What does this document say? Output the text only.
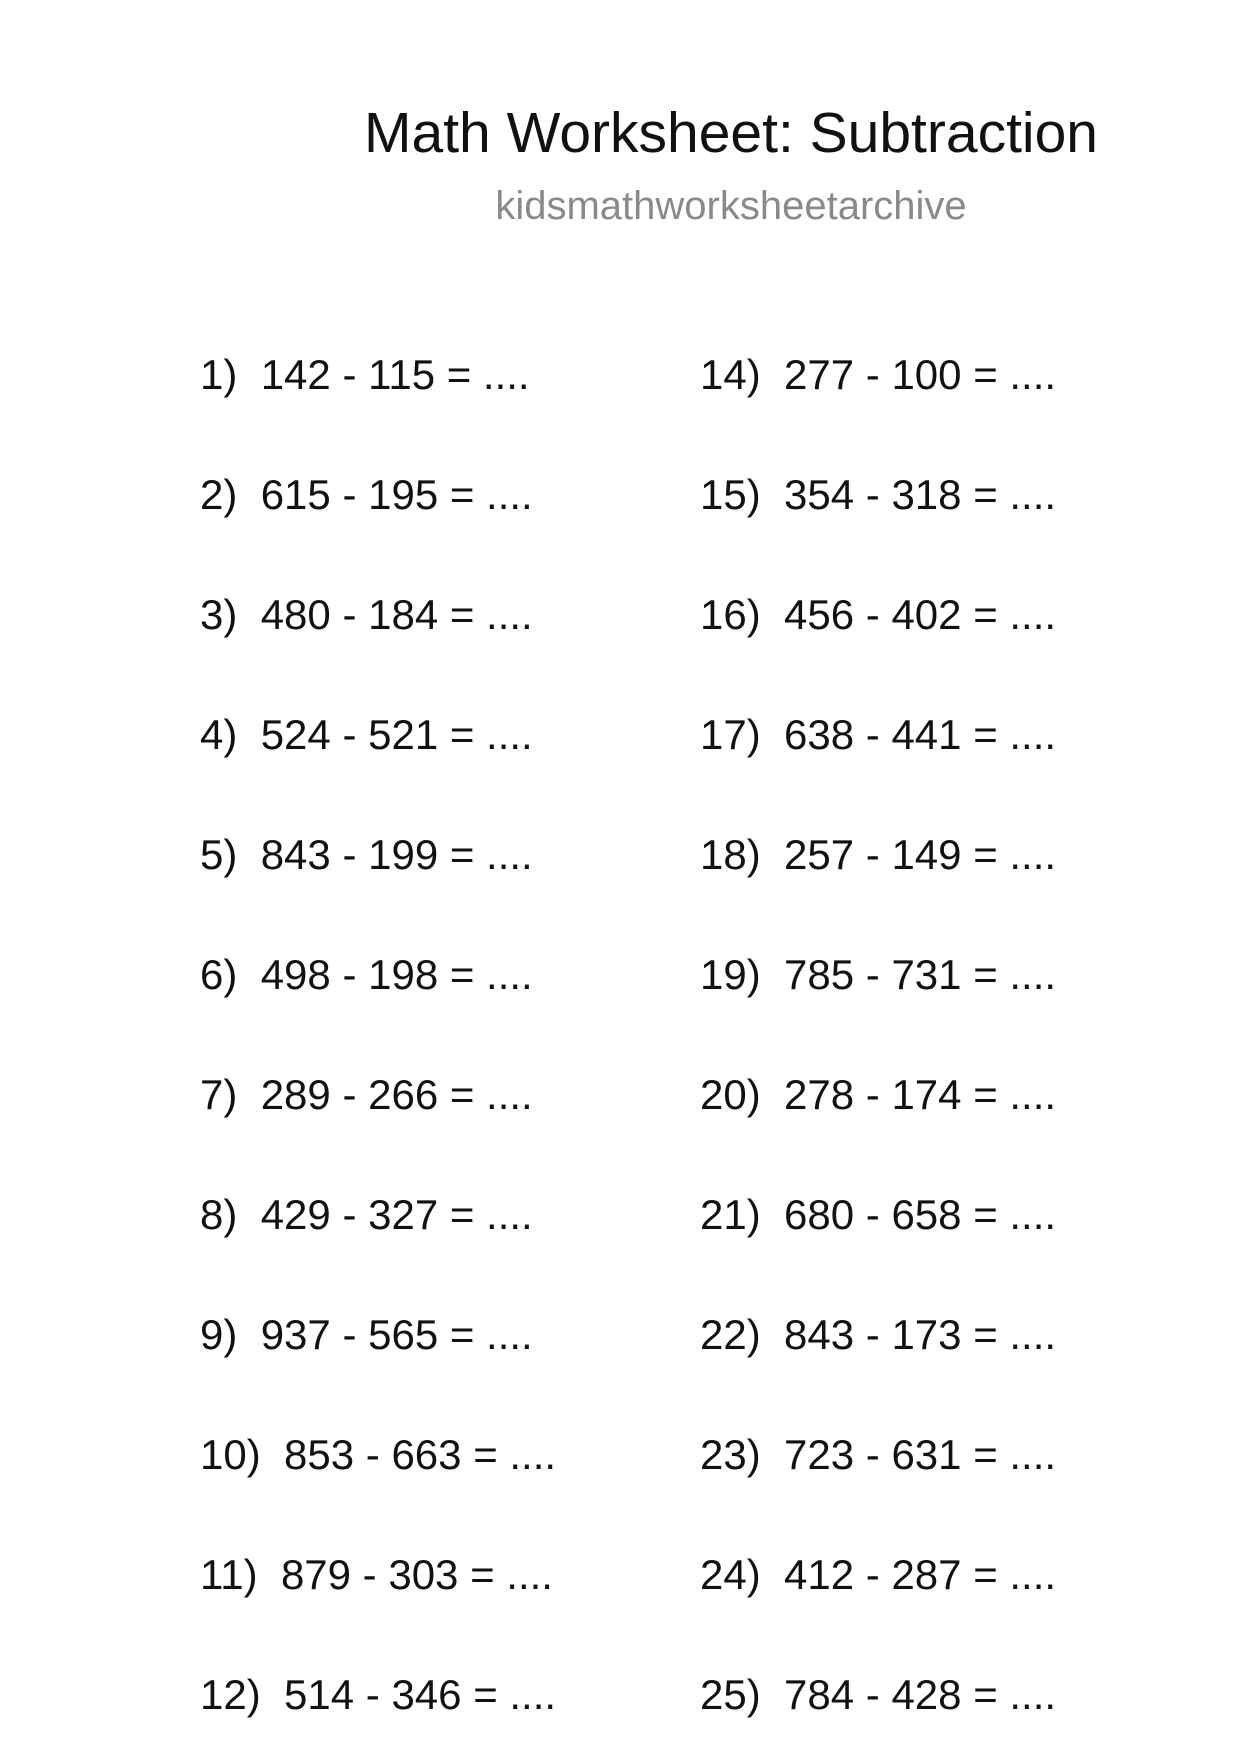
Math Worksheet: Subtraction
kidsmathworksheetarchive
1) 142 - 115 = ....
2) 615 - 195 = ....
3) 480 - 184 = ....
4) 524 - 521 = ....
5) 843 - 199 = ....
6) 498 - 198 = ....
7) 289 - 266 = ....
8) 429 - 327 = ....
9) 937 - 565 = ....
10) 853 - 663 = ....
11) 879 - 303 = ....
12) 514 - 346 = ....
14) 277 - 100 = ....
15) 354 - 318 = ....
16) 456 - 402 = ....
17) 638 - 441 = ....
18) 257 - 149 = ....
19) 785 - 731 = ....
20) 278 - 174 = ....
21) 680 - 658 = ....
22) 843 - 173 = ....
23) 723 - 631 = ....
24) 412 - 287 = ....
25) 784 - 428 = ....
